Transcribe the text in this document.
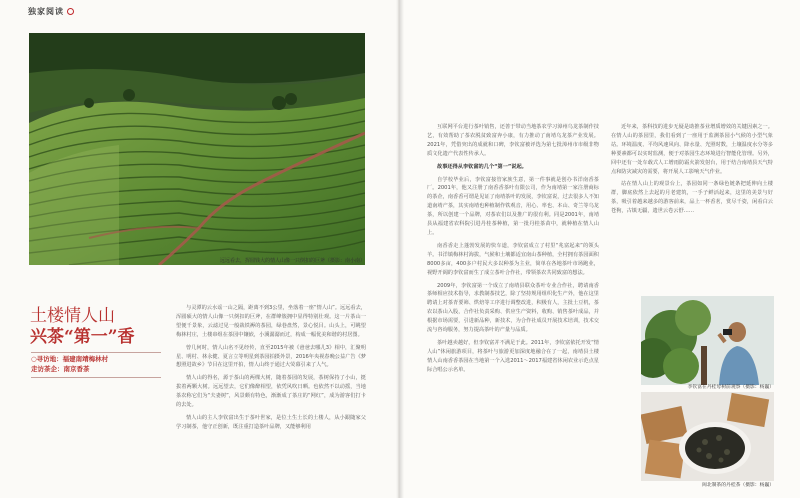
独家阅读
远远看去，挥圆钱大的情人山像一只倒扣的巨斧（摄影：南小南）
土楼情人山
兴茶“第一”香
○寻访地：福建南靖梅林村
走访茶企：南京香茶

与灵潭的云水谣一山之隔，距离不到3公里，坐落着一座“情人山”。远远看去，浑圆硕大的情人山像一只倒扣的巨斧，在群峰簇拥中显得特别壮观。这一片茶山一望便千景象，云滤过见一般栽铁褥的茶园，绿巷盘然，景心悦目。山头上，可眺望梅林村庄，土楼串组在茶园中镶嵌，小溪潺潺而过，构成一幅优美和谐的村居图。

曾几何时，情人山名不见经传，直至2015年被《爸爸去哪儿3》相中，汇聚明星、明村、林永健、夏言立等明星到茶园拍摄外景，2016年央视春晚公益广告《梦想照进故乡》节目在这里开拍，情人山终于通过大荧幕引来了人气。

情人山的得名，源于茶山的两棵大树，随着茶园的发展，茶树保持了小山，挺拔着两颗大树。远远望去，它们像醉相望，依凭风吹日晒。也依然不以动摇，当地茶农称它们为“夫妻树”，风景颇有特色，渐渐成了茶庄的“网红”，成为游客们打卡的去处。

情人山的主人李钦富出生于茶叶世家，是位土生土长的土楼人，从小跟随家父学习制茶，他守正创新，既注重打造茶叶品牌，又能够利用

互联网平台进行茶叶销售，还善于带动当地茶农学习漳州乌龙茶制作技艺，有效帮助了茶农脱贫致富奔小康，有力推动了南靖乌龙茶产业发展。2021年，凭借突出的成就和口碑，李钦富被评选为第七批漳州市市级非物质文化遗产代表性传承人。

故事还得从李钦富的几个“第一”说起。

自学校毕业后，李钦富接管家族生意，第一件事就是创办书洋南香茶厂。2001年，他又注册了南香香茶叶有限公司，作为南靖第一家注册商标的茶企，南香香可谓是见证了南靖茶叶的发展，李钦富说，过去很多人不知道南靖产茶，其实南靖也种植制作铁观音，用心、率也、本山、奇兰等乌龙茶，所以创建一个品牌，对茶农们以及推广的很有利。同是2001年，南靖县从福建省农科院引进丹桂茶种植，第一批丹桂茶苗中，就种植在情人山上。

南香香走上蓬勃发展的快车道，李钦富成立了村里“兆富起来”的领头羊。书洋镇梅林村海拔，气候和土壤都适宜南山茶种植，全村拥有茶园面积8000多亩，400多户村民大多以种茶为主业，简单在各地茶叶市场跑业，视野开阔的李钦富而生了成立茶叶合作社，带领茶农共同致富的想法。

2009年，李钦富第一个成立了南靖县联众茶叶专业合作社，聘请南香茶师相应技术指导，求教制茶技艺，除了坚持规用组织化生产外，他在这里聘请上对茶青要筛、烘焙等工序进行调整改进，积极有人，主批土豆机，茶农以茶山入股，合作社负责采购、供应生产资料，收购、销售茶叶成品，并根据市场需要，引进新品种，新技术，为合作社成员开展技术培训，技术交流与咨询服务，努力提高茶叶的产量与品质。

茶叶越卖越好，但李钦富并不满足于此。2011年，李钦富依托开发“情人山”休闲旅游项目，将茶叶与旅游更加深度地融合在了一起，南靖县土楼情人山南香香茶园在当地第一个入选2011～2017福建省休闲农业示范点星际合唱公示名单。

近年来，茶科技的进步无疑是助推茶业增质增效的关键因素之一。在情人山的茶园里，我们看到了一座用于监测茶园小气候的小型气象站。环境温度、平均风速风向、降水量、光照时数，土壤温度水分等多种要素都可以实时监测，便于对茶园生态环境进行智能化管理。另外，回中还有一处车载式人工增雨防霜火箭发射台，用于结合南靖县天气特点和防灾减灾的需要，将开展人工影响天气作业。

站在情人山上的观景台上，茶园如同一条绿色链条把延伸向土楼群，脚底依然上去起的月老建筑，一手子鲜活起来，这里的美景与好茶，吸引着越来越多的游客前来，品上一杯香茗，赏尽千姿，闲看白云苍狗，古镇无疆，遗世云卷云舒……

李钦富在丹桂母树前观察（摄影：杨巍）
闽北制茶的丹桂茶（摄影：杨巍）
